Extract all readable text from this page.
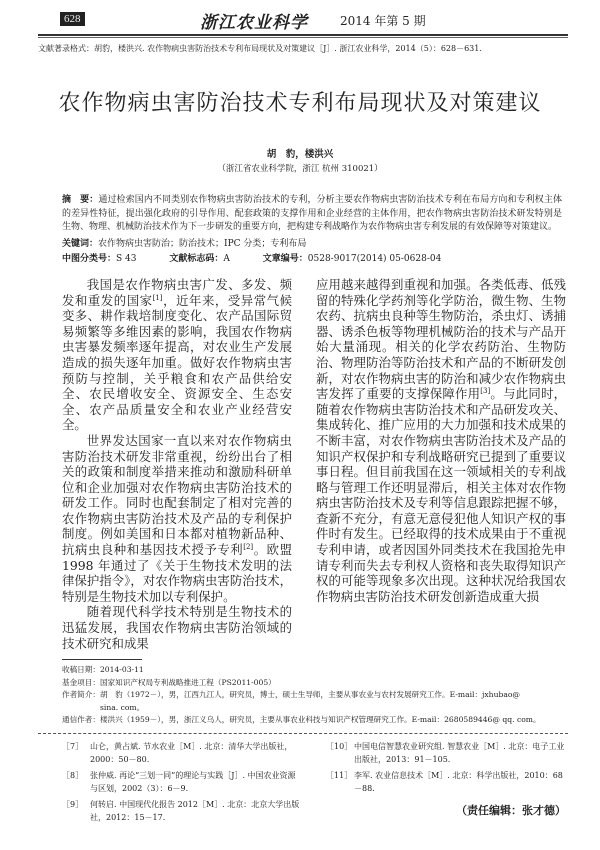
628	浙江农业科学	2014 年第 5 期
文献著录格式：胡豹，楼洪兴. 农作物病虫害防治技术专利布局现状及对策建议［J］. 浙江农业科学，2014（5）：628－631.
农作物病虫害防治技术专利布局现状及对策建议
胡　豹，楼洪兴
（浙江省农业科学院，浙江 杭州 310021）
摘　要：通过检索国内不同类别农作物病虫害防治技术的专利，分析主要农作物病虫害防治技术专利在布局方向和专利权主体的差异性特征，提出强化政府的引导作用、配套政策的支撑作用和企业经营的主体作用，把农作物病虫害防治技术研发特别是生物、物理、机械防治技术作为下一步研发的重要方向，把构建专利战略作为农作物病虫害专利发展的有效保障等对策建议。
关键词：农作物病虫害防治；防治技术；IPC 分类；专利布局
中图分类号：S 43	文献标志码：A	文章编号：0528-9017(2014) 05-0628-04

我国是农作物病虫害广发、多发、频发和重发的国家[1]，近年来，受异常气候变多、耕作栽培制度变化、农产品国际贸易频繁等多维因素的影响，我国农作物病虫害暴发频率逐年提高，对农业生产发展造成的损失逐年加重。做好农作物病虫害预防与控制，关乎粮食和农产品供给安全、农民增收安全、资源安全、生态安全、农产品质量安全和农业产业经营安全。

世界发达国家一直以来对农作物病虫害防治技术研发非常重视，纷纷出台了相关的政策和制度举措来推动和激励科研单位和企业加强对农作物病虫害防治技术的研发工作。同时也配套制定了相对完善的农作物病虫害防治技术及产品的专利保护制度。例如美国和日本都对植物新品种、抗病虫良种和基因技术授予专利[2]。欧盟 1998 年通过了《关于生物技术发明的法律保护指令》，对农作物病虫害防治技术，特别是生物技术加以专利保护。

随着现代科学技术特别是生物技术的迅猛发展，我国农作物病虫害防治领域的技术研究和成果

应用越来越得到重视和加强。各类低毒、低残留的特殊化学药剂等化学防治，微生物、生物农药、抗病虫良种等生物防治，杀虫灯、诱捕器、诱杀色板等物理机械防治的技术与产品开始大量涌现。相关的化学农药防治、生物防治、物理防治等防治技术和产品的不断研发创新，对农作物病虫害的防治和减少农作物病虫害发挥了重要的支撑保障作用[3]。与此同时，随着农作物病虫害防治技术和产品研发攻关、集成转化、推广应用的大力加强和技术成果的不断丰富，对农作物病虫害防治技术及产品的知识产权保护和专利战略研究已提到了重要议事日程。但目前我国在这一领域相关的专利战略与管理工作还明显滞后，相关主体对农作物病虫害防治技术及专利等信息跟踪把握不够，查新不充分，有意无意侵犯他人知识产权的事件时有发生。已经取得的技术成果由于不重视专利申请，或者因国外同类技术在我国抢先申请专利而失去专利权人资格和丧失取得知识产权的可能等现象多次出现。这种状况给我国农作物病虫害防治技术研发创新造成重大损

收稿日期：2014-03-11
基金项目：国家知识产权局专利战略推进工程（PS2011-005）
作者简介：胡　豹（1972－），男，江西九江人，研究员，博士，硕士生导师，主要从事农业与农村发展研究工作。E-mail：jxhubao@
sina. com。
通信作者：楼洪兴（1959－），男，浙江义乌人，研究员，主要从事农业科技与知识产权管理研究工作。E-mail：2680589446@ qq. com。
［7］ 山仑，黄占斌. 节水农业［M］. 北京：清华大学出版社，2000：50－80.
［8］ 张仲威. 再论“三划一同”的理论与实践［J］. 中国农业资源与区划，2002（3）：6－9.
［9］ 何转启. 中国现代化报告 2012［M］. 北京：北京大学出版社，2012：15－17.
［10］ 中国电信智慧农业研究组. 智慧农业［M］. 北京：电子工业出版社，2013：91－105.
［11］ 李军. 农业信息技术［M］. 北京：科学出版社，2010：68－88.
（责任编辑：张才德）
